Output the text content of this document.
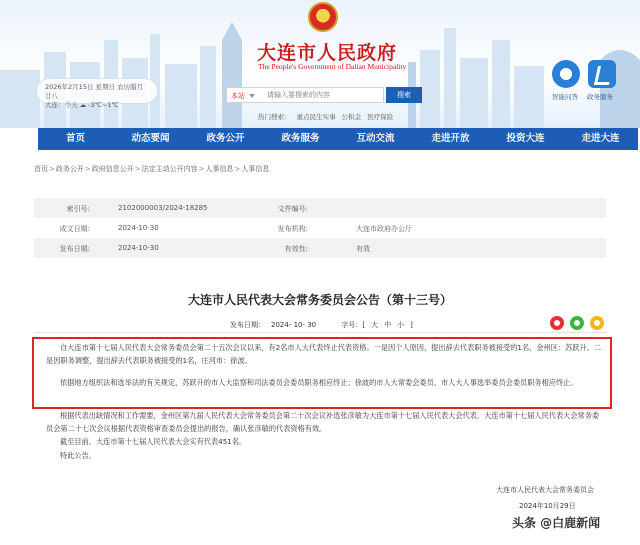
大连市人民政府
The People's Government of Dalian Municipality
2026年2月15日 星期日 农历腊月廿八
大连：今天 ☁ -3℃~1℃
本站
请输入要搜索的内容	搜索
热门搜索： 重点民生实事 公积金 医疗保险
智能问答 政务服务
首页	动态要闻	政务公开	政务服务	互动交流	走进开放	投资大连	走进大连
首页>政务公开>政府信息公开>法定主动公开内容>人事信息>人事信息
索引号:	2102000003/2024-18285	文件编号:
成文日期:	2024-10-30	发布机构:	大连市政府办公厅
发布日期:	2024-10-30	有效性:	有效
大连市人民代表大会常务委员会公告（第十三号）
发布日期： 2024- 10- 30	字号：[ 大 中 小 ]
自大连市第十七届人民代表大会常务委员会第二十五次会议以来，有2名市人大代表终止代表资格。一是因个人原因，提出辞去代表职务被接受的1名，金州区：苏跃升。二是因职务调整，提出辞去代表职务被接受的1名，庄河市：徐波。
依据地方组织法和选举法的有关规定，苏跃升的市人大监察和司法委员会委员职务相应终止；徐波的市人大常委会委员、市人大人事选举委员会委员职务相应终止。
根据代表出缺情况和工作需要，金州区第九届人民代表大会常务委员会第二十次会议补选张彦敏为大连市第十七届人民代表大会代表。大连市第十七届人民代表大会常务委员会第二十七次会议根据代表资格审查委员会提出的报告，确认张彦敏的代表资格有效。
截至目前，大连市第十七届人民代表大会实有代表451名。
特此公告。
大连市人民代表大会常务委员会
2024年10月29日
头条 @白鹿新闻
